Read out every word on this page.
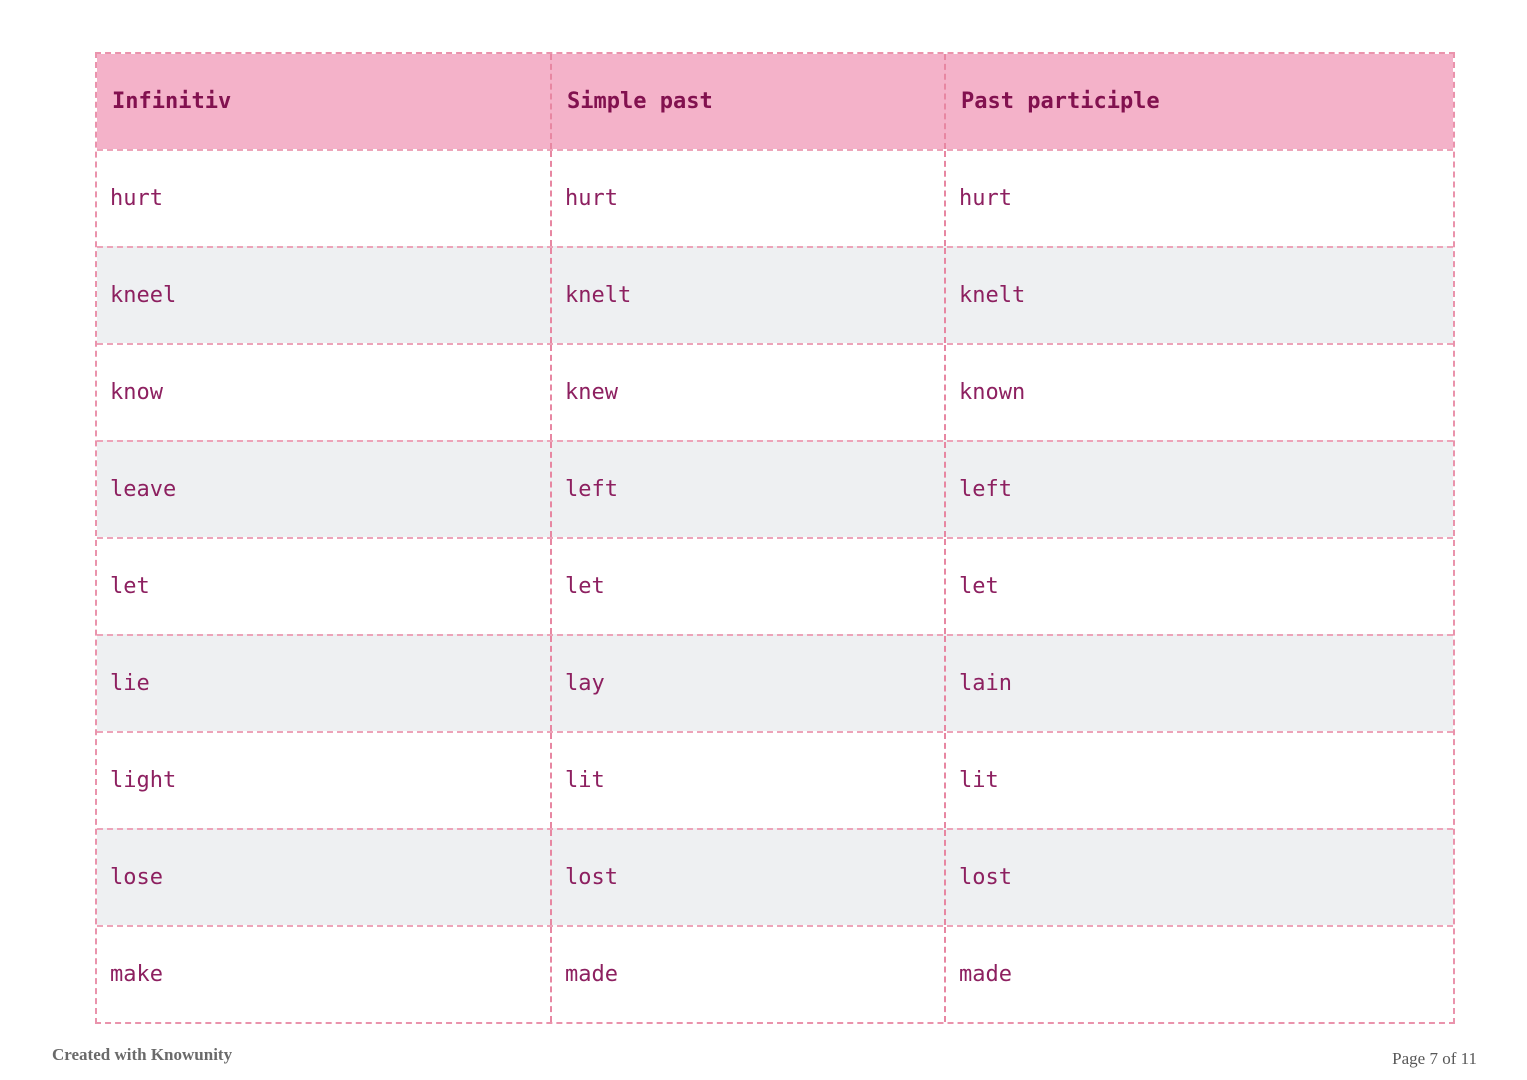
Infinitiv	Simple past	Past participle
hurt	hurt	hurt
kneel	knelt	knelt
know	knew	known
leave	left	left
let	let	let
lie	lay	lain
light	lit	lit
lose	lost	lost
make	made	made
Created with Knowunity	Page 7 of 11
